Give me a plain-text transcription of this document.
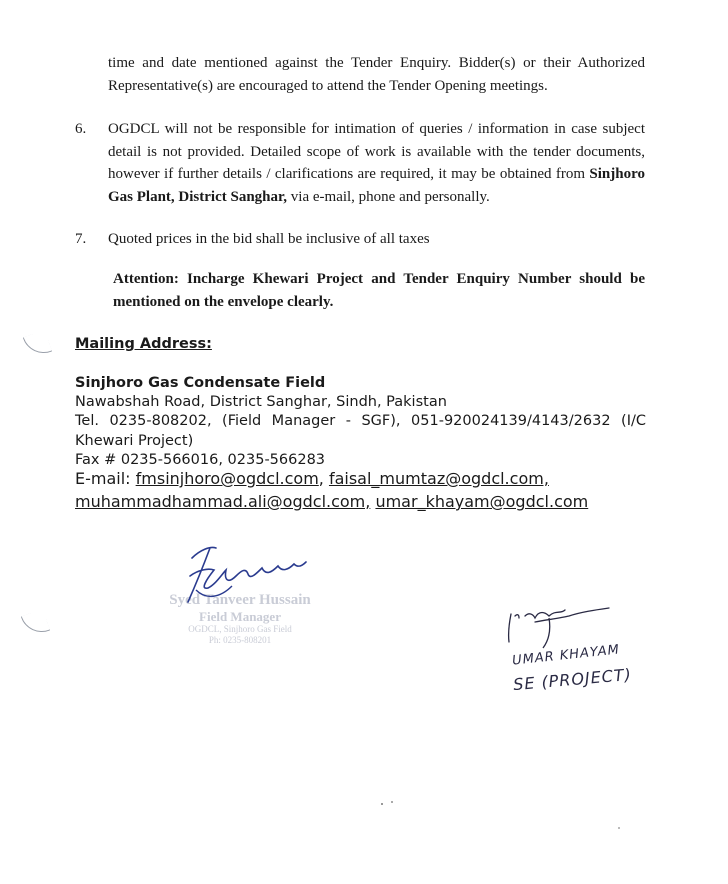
time and date mentioned against the Tender Enquiry. Bidder(s) or their Authorized Representative(s) are encouraged to attend the Tender Opening meetings.
6. OGDCL will not be responsible for intimation of queries / information in case subject detail is not provided. Detailed scope of work is available with the tender documents, however if further details / clarifications are required, it may be obtained from Sinjhoro Gas Plant, District Sanghar, via e-mail, phone and personally.
7. Quoted prices in the bid shall be inclusive of all taxes
Attention: Incharge Khewari Project and Tender Enquiry Number should be mentioned on the envelope clearly.
Mailing Address:
Sinjhoro Gas Condensate Field
Nawabshah Road, District Sanghar, Sindh, Pakistan
Tel. 0235-808202, (Field Manager - SGF), 051-920024139/4143/2632 (I/C Khewari Project)
Fax # 0235-566016, 0235-566283
E-mail: fmsinjhoro@ogdcl.com, faisal_mumtaz@ogdcl.com,
muhammadhammad.ali@ogdcl.com, umar_khayam@ogdcl.com
Syed Tanveer Hussain
Field Manager
OGDCL, Sinjhoro Gas Field
Ph: 0235-808201
UMAR KHAYAM
SE (PROJECT)
